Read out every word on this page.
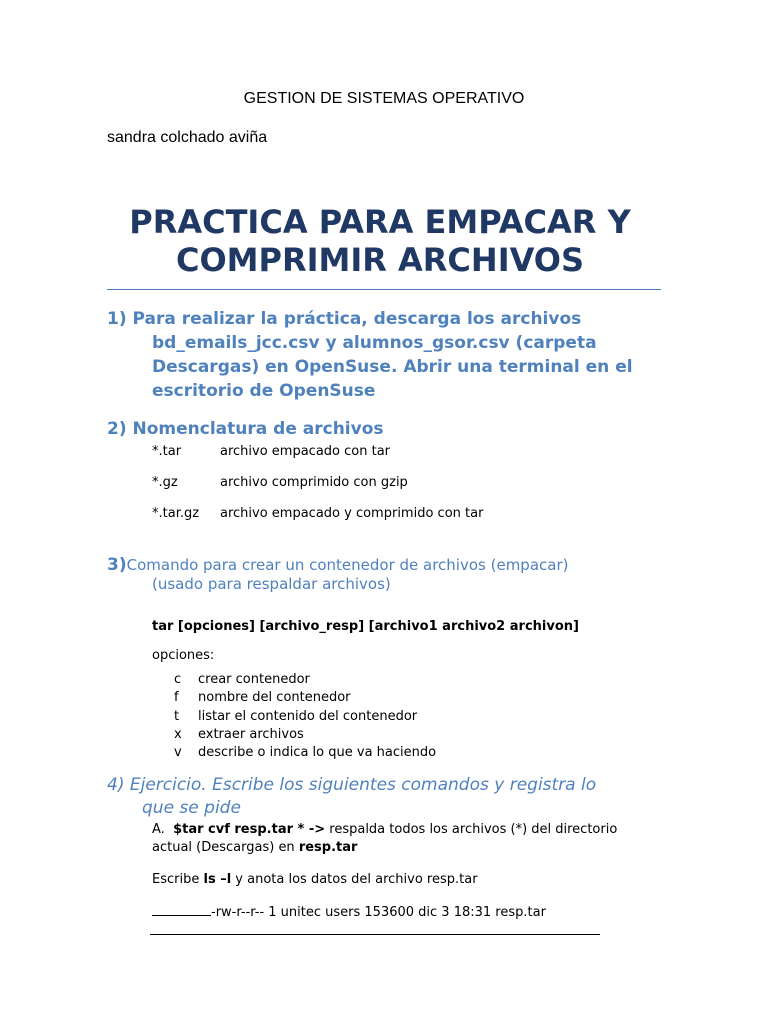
GESTION DE SISTEMAS OPERATIVO
sandra colchado aviña
PRACTICA PARA EMPACAR Y
COMPRIMIR ARCHIVOS
1) Para realizar la práctica, descarga los archivos
bd_emails_jcc.csv y alumnos_gsor.csv (carpeta
Descargas) en OpenSuse. Abrir una terminal en el
escritorio de OpenSuse
2) Nomenclatura de archivos
*.tar	archivo empacado con tar
*.gz	archivo comprimido con gzip
*.tar.gz archivo empacado y comprimido con tar
3)Comando para crear un contenedor de archivos (empacar)
(usado para respaldar archivos)
tar [opciones] [archivo_resp] [archivo1 archivo2 archivon]
opciones:
c crear contenedor
f nombre del contenedor
t listar el contenido del contenedor
x extraer archivos
v describe o indica lo que va haciendo
4) Ejercicio. Escribe los siguientes comandos y registra lo
que se pide
A. $tar cvf resp.tar * -> respalda todos los archivos (*) del directorio
actual (Descargas) en resp.tar
Escribe ls –l y anota los datos del archivo resp.tar
-rw-r--r-- 1 unitec users 153600 dic 3 18:31 resp.tar
